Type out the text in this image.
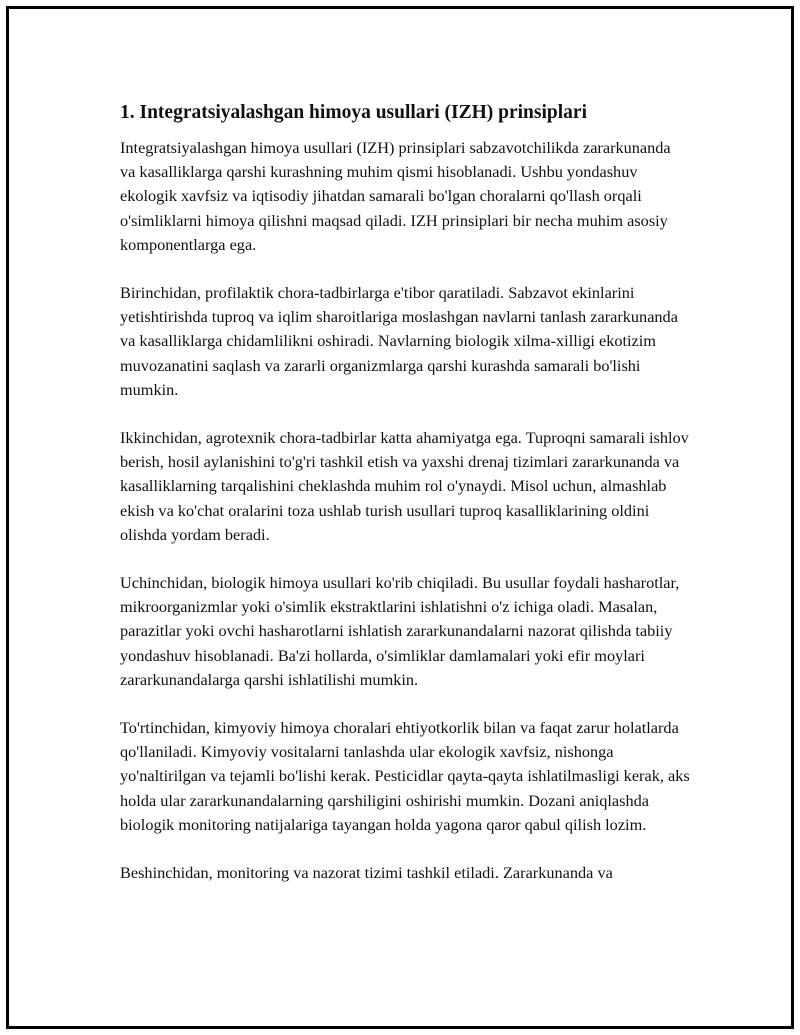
1. Integratsiyalashgan himoya usullari (IZH) prinsiplari

Integratsiyalashgan himoya usullari (IZH) prinsiplari sabzavotchilikda zararkunanda va kasalliklarga qarshi kurashning muhim qismi hisoblanadi. Ushbu yondashuv ekologik xavfsiz va iqtisodiy jihatdan samarali bo'lgan choralarni qo'llash orqali o'simliklarni himoya qilishni maqsad qiladi. IZH prinsiplari bir necha muhim asosiy komponentlarga ega.

Birinchidan, profilaktik chora-tadbirlarga e'tibor qaratiladi. Sabzavot ekinlarini yetishtirishda tuproq va iqlim sharoitlariga moslashgan navlarni tanlash zararkunanda va kasalliklarga chidamlilikni oshiradi. Navlarning biologik xilma-xilligi ekotizim muvozanatini saqlash va zararli organizmlarga qarshi kurashda samarali bo'lishi mumkin.

Ikkinchidan, agrotexnik chora-tadbirlar katta ahamiyatga ega. Tuproqni samarali ishlov berish, hosil aylanishini to'g'ri tashkil etish va yaxshi drenaj tizimlari zararkunanda va kasalliklarning tarqalishini cheklashda muhim rol o'ynaydi. Misol uchun, almashlab ekish va ko'chat oralarini toza ushlab turish usullari tuproq kasalliklarining oldini olishda yordam beradi.

Uchinchidan, biologik himoya usullari ko'rib chiqiladi. Bu usullar foydali hasharotlar, mikroorganizmlar yoki o'simlik ekstraktlarini ishlatishni o'z ichiga oladi. Masalan, parazitlar yoki ovchi hasharotlarni ishlatish zararkunandalarni nazorat qilishda tabiiy yondashuv hisoblanadi. Ba'zi hollarda, o'simliklar damlamalari yoki efir moylari zararkunandalarga qarshi ishlatilishi mumkin.

To'rtinchidan, kimyoviy himoya choralari ehtiyotkorlik bilan va faqat zarur holatlarda qo'llaniladi. Kimyoviy vositalarni tanlashda ular ekologik xavfsiz, nishonga yo'naltirilgan va tejamli bo'lishi kerak. Pesticidlar qayta-qayta ishlatilmasligi kerak, aks holda ular zararkunandalarning qarshiligini oshirishi mumkin. Dozani aniqlashda biologik monitoring natijalariga tayangan holda yagona qaror qabul qilish lozim.

Beshinchidan, monitoring va nazorat tizimi tashkil etiladi. Zararkunanda va
